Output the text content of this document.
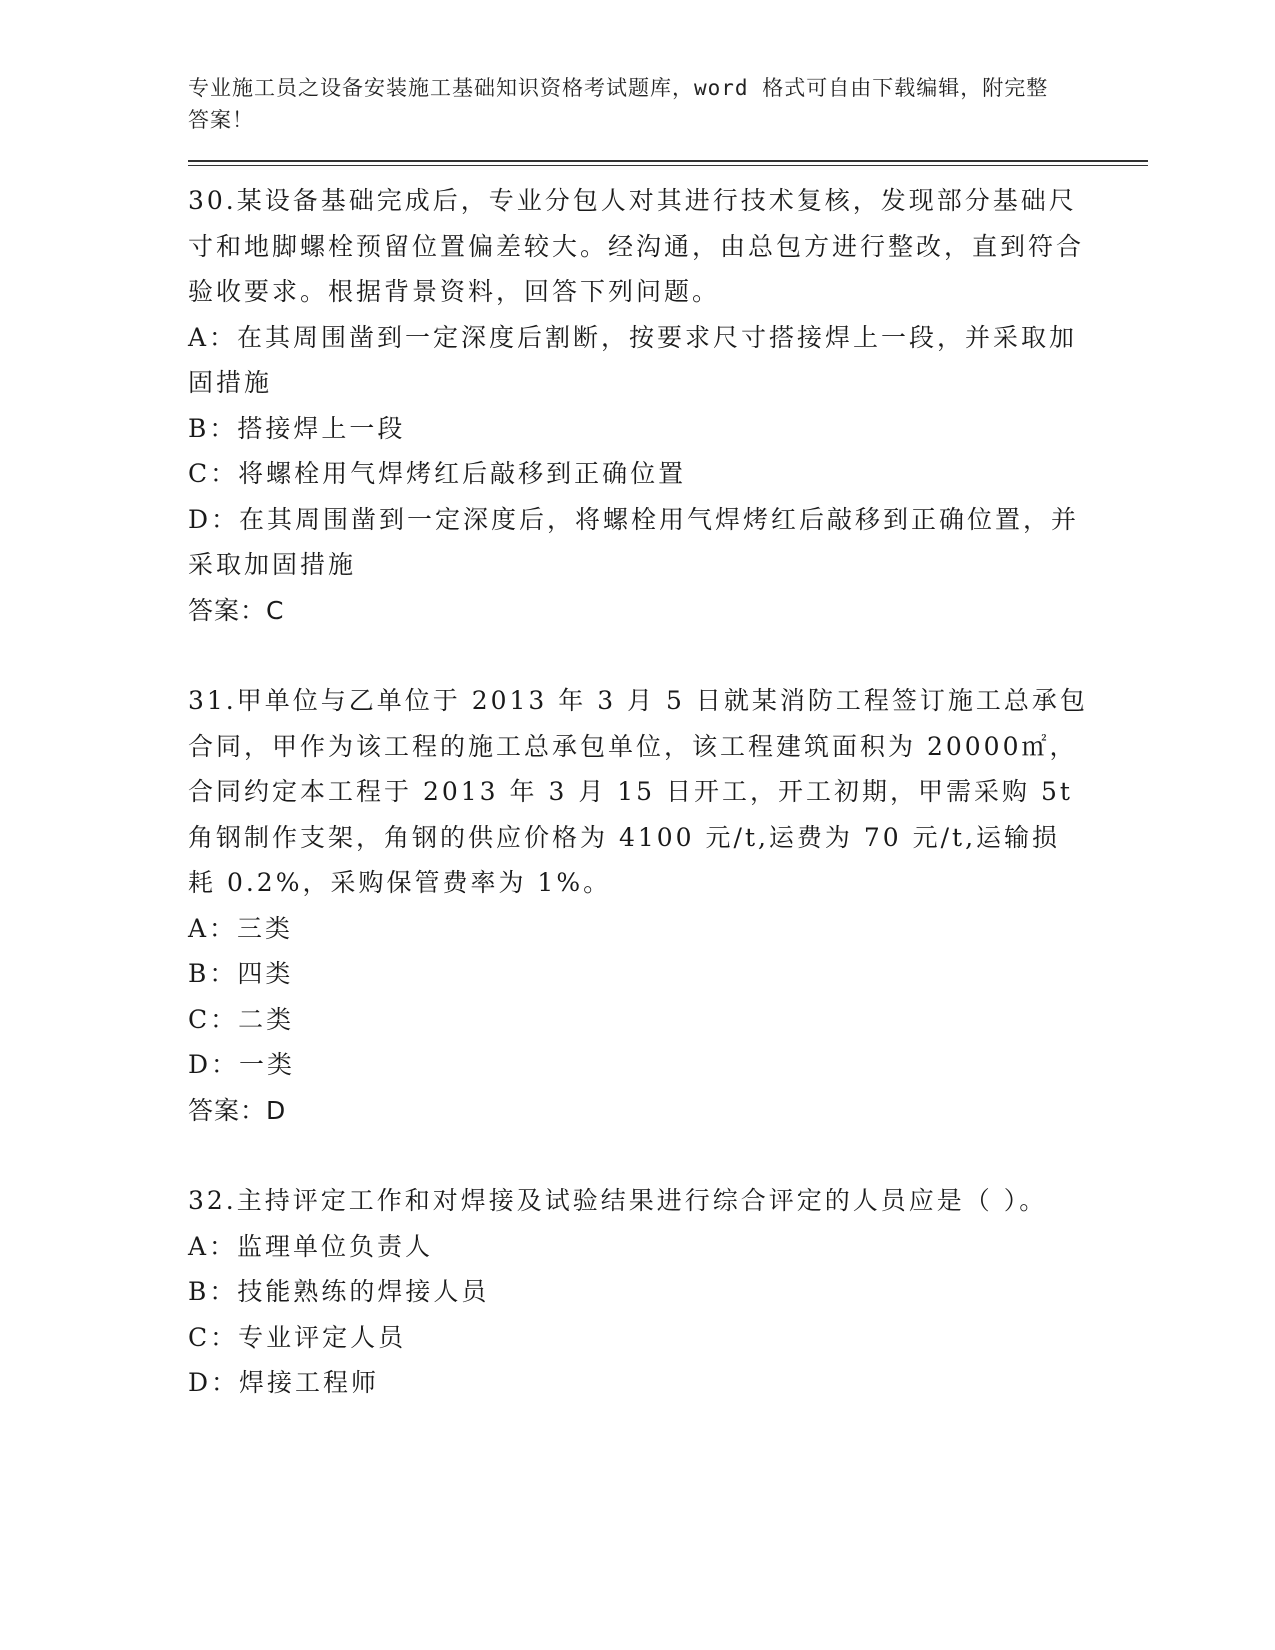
专业施工员之设备安装施工基础知识资格考试题库，word 格式可自由下载编辑，附完整答案！

30.某设备基础完成后，专业分包人对其进行技术复核，发现部分基础尺寸和地脚螺栓预留位置偏差较大。经沟通，由总包方进行整改，直到符合验收要求。根据背景资料，回答下列问题。

A：在其周围凿到一定深度后割断，按要求尺寸搭接焊上一段，并采取加固措施

B：搭接焊上一段

C：将螺栓用气焊烤红后敲移到正确位置

D：在其周围凿到一定深度后，将螺栓用气焊烤红后敲移到正确位置，并采取加固措施

答案：C

31.甲单位与乙单位于 2013 年 3 月 5 日就某消防工程签订施工总承包合同，甲作为该工程的施工总承包单位，该工程建筑面积为 20000㎡，合同约定本工程于 2013 年 3 月 15 日开工，开工初期，甲需采购 5t 角钢制作支架，角钢的供应价格为 4100 元/t,运费为 70 元/t,运输损耗 0.2%，采购保管费率为 1%。

A：三类

B：四类

C：二类

D：一类

答案：D

32.主持评定工作和对焊接及试验结果进行综合评定的人员应是（ ）。

A：监理单位负责人

B：技能熟练的焊接人员

C：专业评定人员

D：焊接工程师
